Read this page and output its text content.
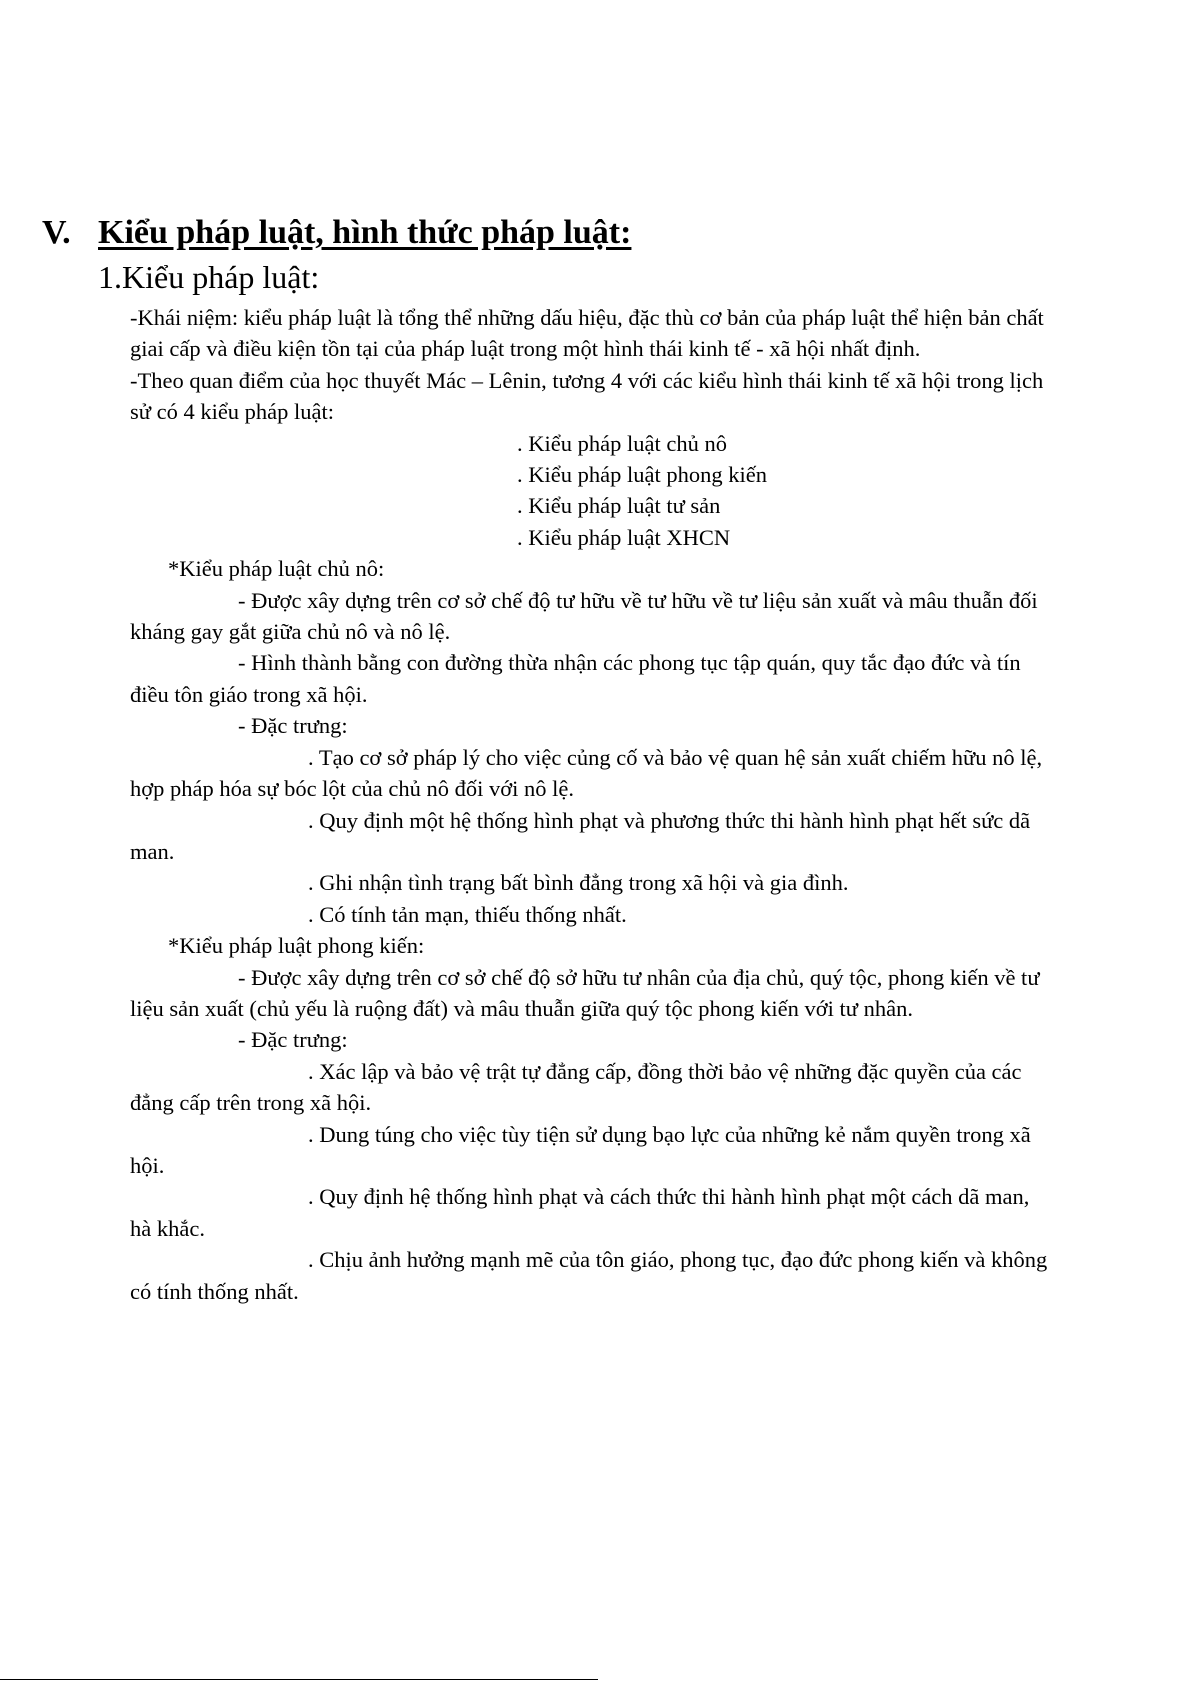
V. Kiểu pháp luật, hình thức pháp luật:
1.Kiểu pháp luật:

-Khái niệm: kiểu pháp luật là tổng thể những dấu hiệu, đặc thù cơ bản của pháp luật thể hiện bản chất giai cấp và điều kiện tồn tại của pháp luật trong một hình thái kinh tế - xã hội nhất định.

-Theo quan điểm của học thuyết Mác – Lênin, tương 4 với các kiểu hình thái kinh tế xã hội trong lịch sử có 4 kiểu pháp luật:

. Kiểu pháp luật chủ nô

. Kiểu pháp luật phong kiến

. Kiểu pháp luật tư sản

. Kiểu pháp luật XHCN

*Kiểu pháp luật chủ nô:

- Được xây dựng trên cơ sở chế độ tư hữu về tư hữu về tư liệu sản xuất và mâu thuẫn đối kháng gay gắt giữa chủ nô và nô lệ.

- Hình thành bằng con đường thừa nhận các phong tục tập quán, quy tắc đạo đức và tín điều tôn giáo trong xã hội.

- Đặc trưng:

. Tạo cơ sở pháp lý cho việc củng cố và bảo vệ quan hệ sản xuất chiếm hữu nô lệ, hợp pháp hóa sự bóc lột của chủ nô đối với nô lệ.

. Quy định một hệ thống hình phạt và phương thức thi hành hình phạt hết sức dã man.

. Ghi nhận tình trạng bất bình đẳng trong xã hội và gia đình.

. Có tính tản mạn, thiếu thống nhất.

*Kiểu pháp luật phong kiến:

- Được xây dựng trên cơ sở chế độ sở hữu tư nhân của địa chủ, quý tộc, phong kiến về tư liệu sản xuất (chủ yếu là ruộng đất) và mâu thuẫn giữa quý tộc phong kiến với tư nhân.

- Đặc trưng:

. Xác lập và bảo vệ trật tự đẳng cấp, đồng thời bảo vệ những đặc quyền của các đẳng cấp trên trong xã hội.

. Dung túng cho việc tùy tiện sử dụng bạo lực của những kẻ nắm quyền trong xã hội.

. Quy định hệ thống hình phạt và cách thức thi hành hình phạt một cách dã man, hà khắc.

. Chịu ảnh hưởng mạnh mẽ của tôn giáo, phong tục, đạo đức phong kiến và không có tính thống nhất.
